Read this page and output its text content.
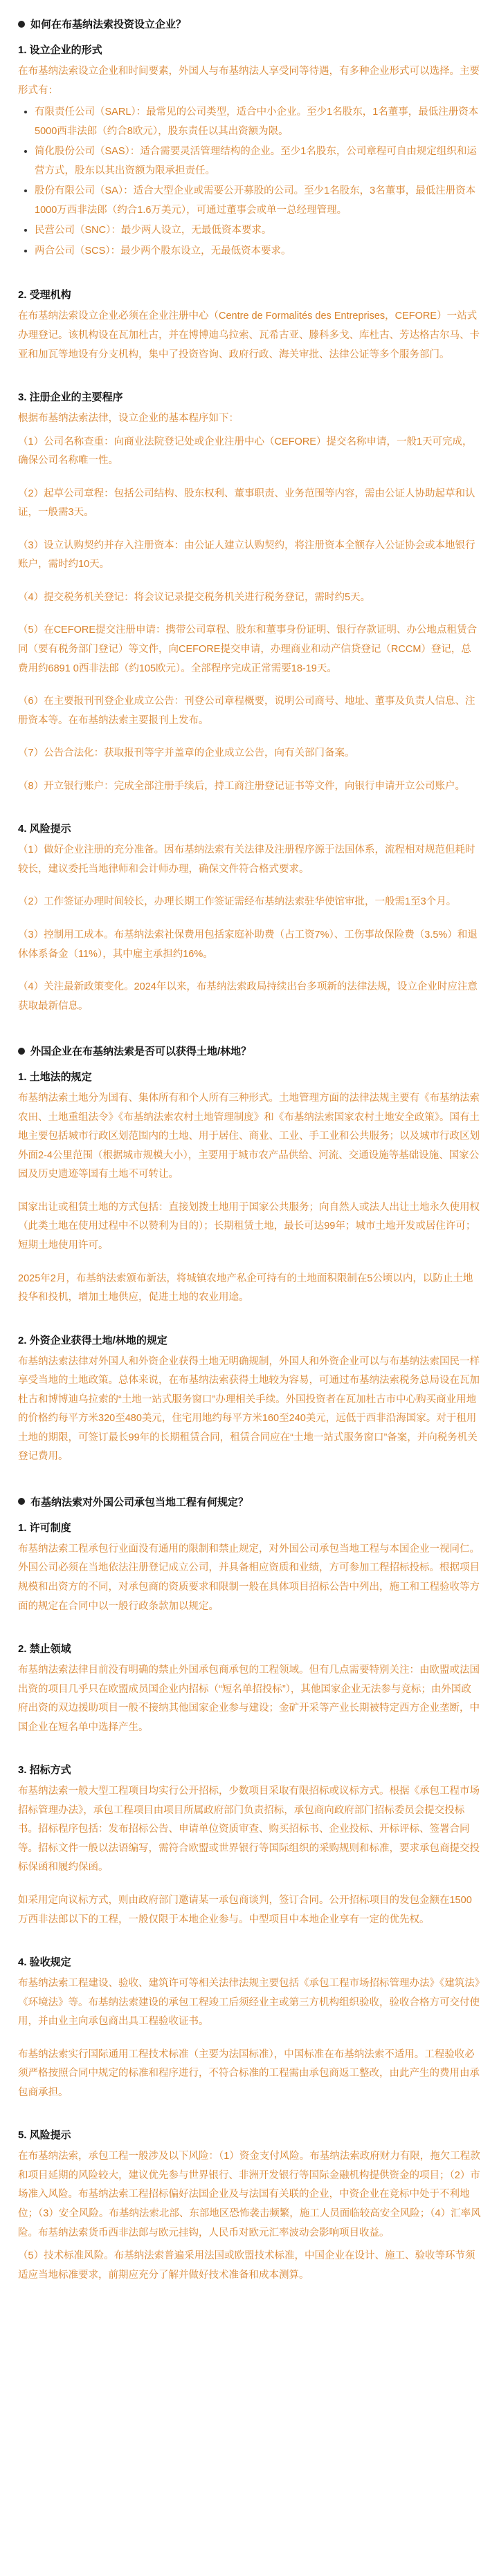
如何在布基纳法索投资设立企业？
1. 设立企业的形式

在布基纳法索设立企业和时间要素，外国人与布基纳法人享受同等待遇，有多种企业形式可以选择。主要形式有：

• 有限责任公司（SARL）：最常见的公司类型，适合中小企业。至少1名股东，1名董事，最低注册资本5000西非法郎（约合8欧元），股东责任以其出资额为限。
• 简化股份公司（SAS）：适合需要灵活管理结构的企业。至少1名股东，公司章程可自由规定组织和运营方式，股东以其出资额为限承担责任。
• 股份有限公司（SA）：适合大型企业或需要公开募股的公司。至少1名股东，3名董事，最低注册资本1000万西非法郎（约合1.6万美元），可通过董事会或单一总经理管理。
• 民营公司（SNC）：最少两人设立，无最低资本要求。
• 两合公司（SCS）：最少两个股东设立，无最低资本要求。
2. 受理机构

在布基纳法索设立企业必须在企业注册中心（Centre de Formalités des Entreprises，CEFORE）一站式办理登记。该机构设在瓦加杜古，并在博博迪乌拉索、瓦希古亚、滕科多戈、库杜古、芳达格古尔马、卡亚和加瓦等地设有分支机构，集中了投资咨询、政府行政、海关审批、法律公证等多个服务部门。

3. 注册企业的主要程序

根据布基纳法索法律，设立企业的基本程序如下：

（1）公司名称查重：向商业法院登记处或企业注册中心（CEFORE）提交名称申请，一般1天可完成，确保公司名称唯一性。

（2）起草公司章程：包括公司结构、股东权利、董事职责、业务范围等内容，需由公证人协助起草和认证，一般需3天。

（3）设立认购契约并存入注册资本：由公证人建立认购契约，将注册资本全额存入公证协会或本地银行账户，需时约10天。

（4）提交税务机关登记：将会议记录提交税务机关进行税务登记，需时约5天。

（5）在CEFORE提交注册申请：携带公司章程、股东和董事身份证明、银行存款证明、办公地点租赁合同（要有税务部门登记）等文件，向CEFORE提交申请，办理商业和动产信贷登记（RCCM）登记，总费用约6891 0西非法郎（约105欧元）。全部程序完成正常需要18-19天。

（6）在主要报刊刊登企业成立公告：刊登公司章程概要，说明公司商号、地址、董事及负责人信息、注册资本等。在布基纳法索主要报刊上发布。

（7）公告合法化：获取报刊等字并盖章的企业成立公告，向有关部门备案。

（8）开立银行账户：完成全部注册手续后，持工商注册登记证书等文件，向银行申请开立公司账户。

4. 风险提示

（1）做好企业注册的充分准备。因布基纳法索有关法律及注册程序源于法国体系，流程相对规范但耗时较长，建议委托当地律师和会计师办理，确保文件符合格式要求。

（2）工作签证办理时间较长，办理长期工作签证需经布基纳法索驻华使馆审批，一般需1至3个月。

（3）控制用工成本。布基纳法索社保费用包括家庭补助费（占工资7%）、工伤事故保险费（3.5%）和退休体系备金（11%），其中雇主承担约16%。

（4）关注最新政策变化。2024年以来，布基纳法索政局持续出台多项新的法律法规，设立企业时应注意获取最新信息。

外国企业在布基纳法索是否可以获得土地/林地？
1. 土地法的规定

布基纳法索土地分为国有、集体所有和个人所有三种形式。土地管理方面的法律法规主要有《布基纳法索农田、土地重组法令》《布基纳法索农村土地管理制度》和《布基纳法索国家农村土地安全政策》。国有土地主要包括城市行政区划范围内的土地、用于居住、商业、工业、手工业和公共服务；以及城市行政区划外面2-4公里范围（根据城市规模大小），主要用于城市农产品供给、河流、交通设施等基础设施、国家公园及历史遗迹等国有土地不可转让。

国家出让或租赁土地的方式包括：直接划拨土地用于国家公共服务；向自然人或法人出让土地永久使用权（此类土地在使用过程中不以赞利为目的）；长期租赁土地，最长可达99年；城市土地开发或居住许可；短期土地使用许可。

2025年2月，布基纳法索颁布新法，将城镇农地产私企可持有的土地面积限制在5公顷以内，以防止土地投华和投机，增加土地供应，促进土地的农业用途。

2. 外资企业获得土地/林地的规定

布基纳法索法律对外国人和外资企业获得土地无明确规制，外国人和外资企业可以与布基纳法索国民一样享受当地的土地政策。总体来说，在布基纳法索获得土地较为容易，可通过布基纳法索税务总局设在瓦加杜古和博博迪乌拉索的“土地一站式服务窗口”办理相关手续。外国投资者在瓦加杜古市中心购买商业用地的价格约每平方米320至480美元，住宅用地约每平方米160至240美元，远低于西非沿海国家。对于租用土地的期限，可签订最长99年的长期租赁合同，租赁合同应在“土地一站式服务窗口”备案，并向税务机关登记费用。

布基纳法索对外国公司承包当地工程有何规定？
1. 许可制度

布基纳法索工程承包行业面没有通用的限制和禁止规定，对外国公司承包当地工程与本国企业一视同仁。外国公司必须在当地依法注册登记成立公司，并具备相应资质和业绩，方可参加工程招标投标。根据项目规模和出资方的不同，对承包商的资质要求和限制一般在具体项目招标公告中列出，施工和工程验收等方面的规定在合同中以一般行政条款加以规定。

2. 禁止领域

布基纳法索法律目前没有明确的禁止外国承包商承包的工程领域。但有几点需要特别关注：由欧盟或法国出资的项目几乎只在欧盟成员国企业内招标（“短名单招投标”），其他国家企业无法参与竞标；由外国政府出资的双边援助项目一般不接纳其他国家企业参与建设；金矿开采等产业长期被特定西方企业垄断，中国企业在短名单中选择产生。

3. 招标方式

布基纳法索一般大型工程项目均实行公开招标，少数项目采取有限招标或议标方式。根据《承包工程市场招标管理办法》，承包工程项目由项目所属政府部门负责招标，承包商向政府部门招标委员会提交投标书。招标程序包括：发布招标公告、申请单位资质审查、购买招标书、企业投标、开标评标、签署合同等。招标文件一般以法语编写，需符合欧盟或世界银行等国际组织的采购规则和标准，要求承包商提交投标保函和履约保函。

如采用定向议标方式，则由政府部门邀请某一承包商谈判，签订合同。公开招标项目的发包金额在1500万西非法郎以下的工程，一般仅限于本地企业参与。中型项目中本地企业享有一定的优先权。

4. 验收规定

布基纳法索工程建设、验收、建筑许可等相关法律法规主要包括《承包工程市场招标管理办法》《建筑法》《环境法》等。布基纳法索建设的承包工程竣工后须经业主或第三方机构组织验收，验收合格方可交付使用，并由业主向承包商出具工程验收证书。

布基纳法索实行国际通用工程技术标准（主要为法国标准），中国标准在布基纳法索不适用。工程验收必须严格按照合同中规定的标准和程序进行，不符合标准的工程需由承包商返工整改，由此产生的费用由承包商承担。

5. 风险提示

在布基纳法索，承包工程一般涉及以下风险：（1）资金支付风险。布基纳法索政府财力有限，拖欠工程款和项目延期的风险较大，建议优先参与世界银行、非洲开发银行等国际金融机构提供资金的项目；（2）市场准入风险。布基纳法索工程招标偏好法国企业及与法国有关联的企业，中资企业在竞标中处于不利地位；（3）安全风险。布基纳法索北部、东部地区恐怖袭击频繁，施工人员面临较高安全风险；（4）汇率风险。布基纳法索货币西非法郎与欧元挂钩，人民币对欧元汇率波动会影响项目收益。

（5）技术标准风险。布基纳法索普遍采用法国或欧盟技术标准，中国企业在设计、施工、验收等环节须适应当地标准要求，前期应充分了解并做好技术准备和成本测算。
